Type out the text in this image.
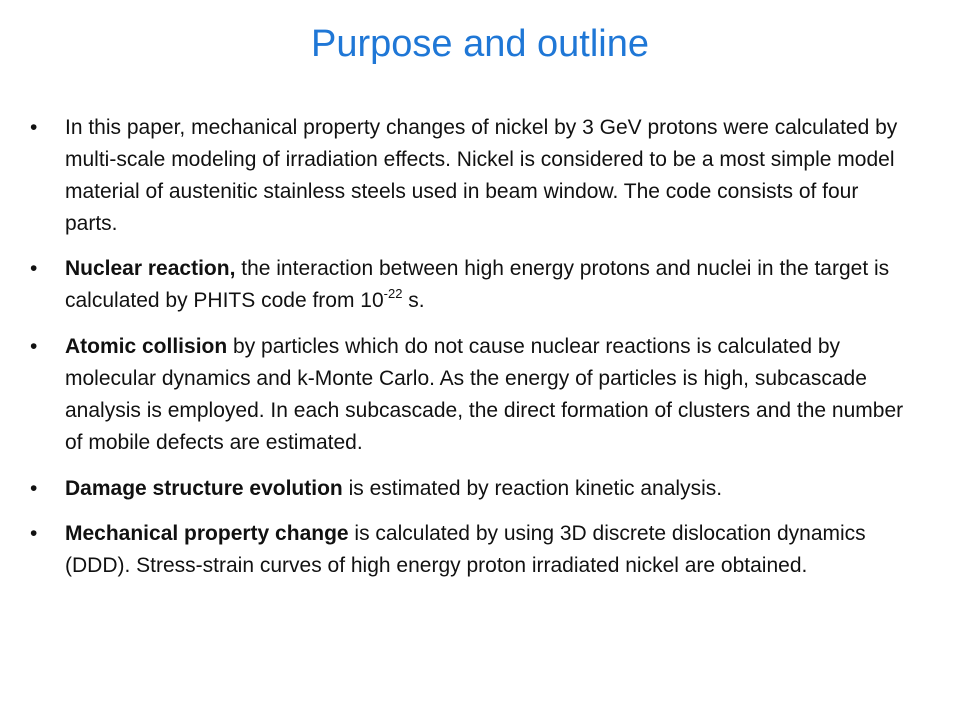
Purpose and outline
•	In this paper, mechanical property changes of nickel by 3 GeV protons were calculated by multi-scale modeling of irradiation effects. Nickel is considered to be a most simple model material of austenitic stainless steels used in beam window. The code consists of four parts.
•	Nuclear reaction, the interaction between high energy protons and nuclei in the target is calculated by PHITS code from $10^{-22}$ s.
•	Atomic collision by particles which do not cause nuclear reactions is calculated by molecular dynamics and k-Monte Carlo. As the energy of particles is high, subcascade analysis is employed. In each subcascade, the direct formation of clusters and the number of mobile defects are estimated.
•	Damage structure evolution is estimated by reaction kinetic analysis.
•	Mechanical property change is calculated by using 3D discrete dislocation dynamics (DDD). Stress-strain curves of high energy proton irradiated nickel are obtained.
